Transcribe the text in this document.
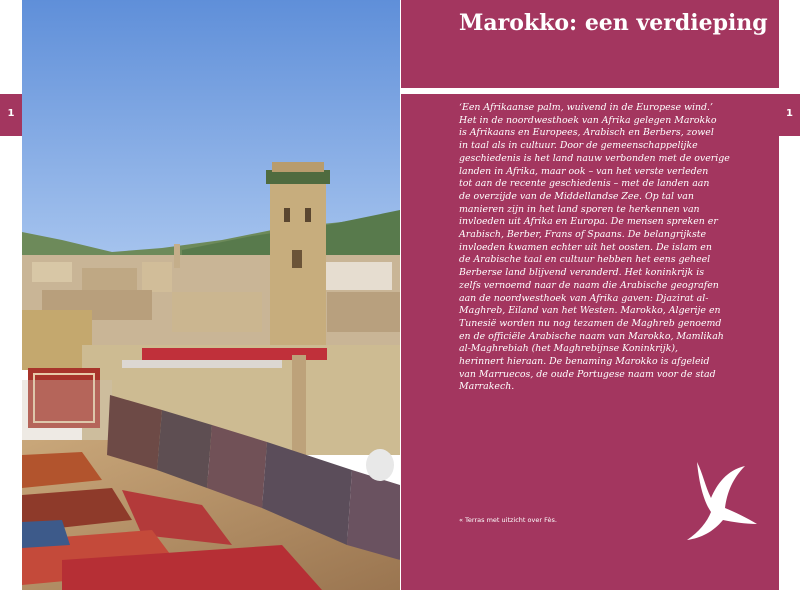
Marokko: een verdieping
‘Een Afrikaanse palm, wuivend in de Europese wind.’
Het in de noordwesthoek van Afrika gelegen Marokko
is Afrikaans en Europees, Arabisch en Berbers, zowel
in taal als in cultuur. Door de gemeenschappelijke
geschiedenis is het land nauw verbonden met de overige
landen in Afrika, maar ook – van het verste verleden
tot aan de recente geschiedenis – met de landen aan
de overzijde van de Middellandse Zee. Op tal van
manieren zijn in het land sporen te herkennen van
invloeden uit Afrika en Europa. De mensen spreken er
Arabisch, Berber, Frans of Spaans. De belangrijkste
invloeden kwamen echter uit het oosten. De islam en
de Arabische taal en cultuur hebben het eens geheel
Berberse land blijvend veranderd. Het koninkrijk is
zelfs vernoemd naar de naam die Arabische geografen
aan de noordwesthoek van Afrika gaven: Djazirat al-
Maghreb, Eiland van het Westen. Marokko, Algerije en
Tunesië worden nu nog tezamen de Maghreb genoemd
en de officiële Arabische naam van Marokko, Mamlikah
al-Maghrebiah (het Maghrebijnse Koninkrijk),
herinnert hieraan. De benaming Marokko is afgeleid
van Marruecos, de oude Portugese naam voor de stad
Marrakech.
« Terras met uitzicht over Fès.
1	1
